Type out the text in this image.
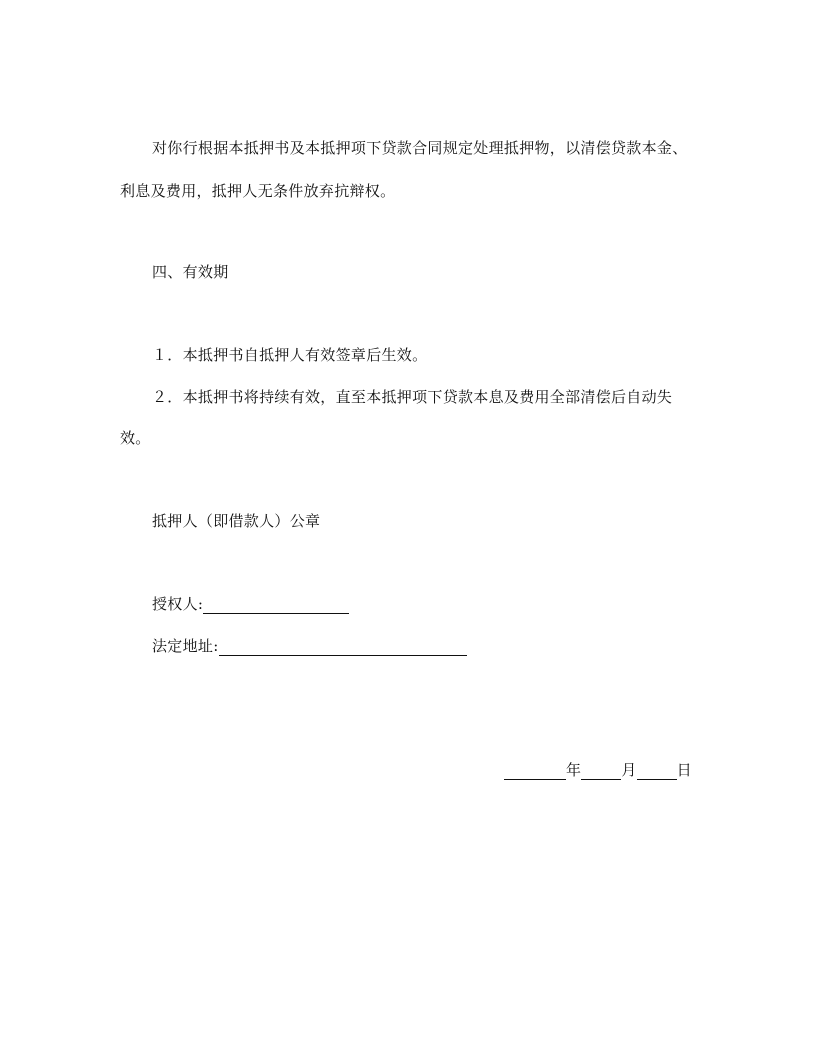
对你行根据本抵押书及本抵押项下贷款合同规定处理抵押物，以清偿贷款本金、
利息及费用，抵押人无条件放弃抗辩权。
四、有效期
１．本抵押书自抵押人有效签章后生效。
２．本抵押书将持续有效，直至本抵押项下贷款本息及费用全部清偿后自动失
效。
抵押人（即借款人）公章
授权人:
法定地址:
年	月	日
